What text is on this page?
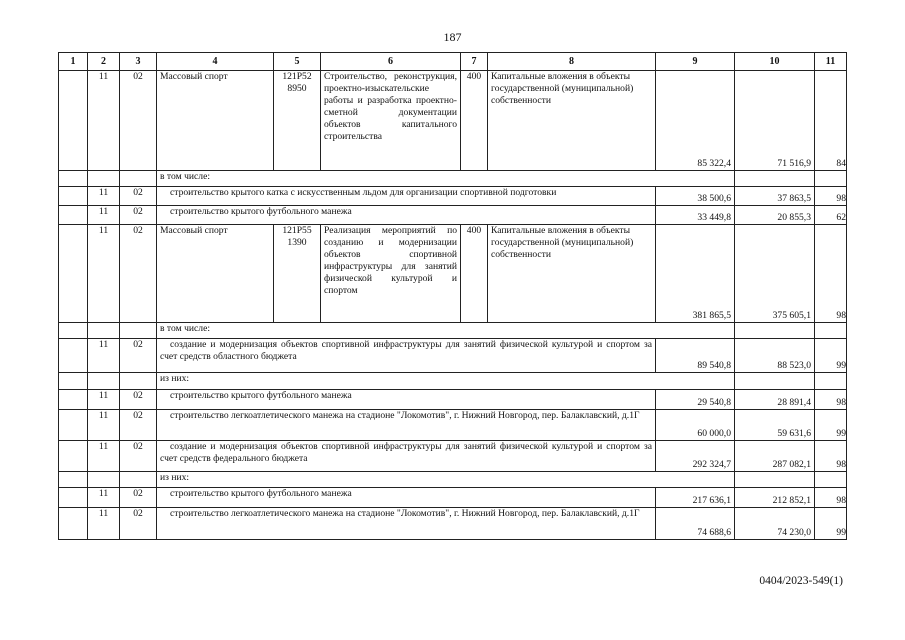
187
1	2	3	4	5	6	7	8	9	10	11
	11	02	Массовый спорт	121P52 8950	Строительство, реконструкция, проектно-изыскательские работы и разработка проектно-сметной документации объектов капитального строительства	400	Капитальные вложения в объекты государственной (муниципальной) собственности	85 322,4	71 516,9	84
			в том числе:							
	11	02	строительство крытого катка с искусственным льдом для организации спортивной подготовки					38 500,6	37 863,5	98
	11	02	строительство крытого футбольного манежа					33 449,8	20 855,3	62
	11	02	Массовый спорт	121P55 1390	Реализация мероприятий по созданию и модернизации объектов спортивной инфраструктуры для занятий физической культурой и спортом	400	Капитальные вложения в объекты государственной (муниципальной) собственности	381 865,5	375 605,1	98
			в том числе:							
	11	02	создание и модернизация объектов спортивной инфраструктуры для занятий физической культурой и спортом за счет средств областного бюджета					89 540,8	88 523,0	99
			из них:							
	11	02	строительство крытого футбольного манежа					29 540,8	28 891,4	98
	11	02	строительство легкоатлетического манежа на стадионе "Локомотив", г. Нижний Новгород, пер. Балаклавский, д.1Г					60 000,0	59 631,6	99
	11	02	создание и модернизация объектов спортивной инфраструктуры для занятий физической культурой и спортом за счет средств федерального бюджета					292 324,7	287 082,1	98
			из них:							
	11	02	строительство крытого футбольного манежа					217 636,1	212 852,1	98
	11	02	строительство легкоатлетического манежа на стадионе "Локомотив", г. Нижний Новгород, пер. Балаклавский, д.1Г					74 688,6	74 230,0	99
0404/2023-549(1)
